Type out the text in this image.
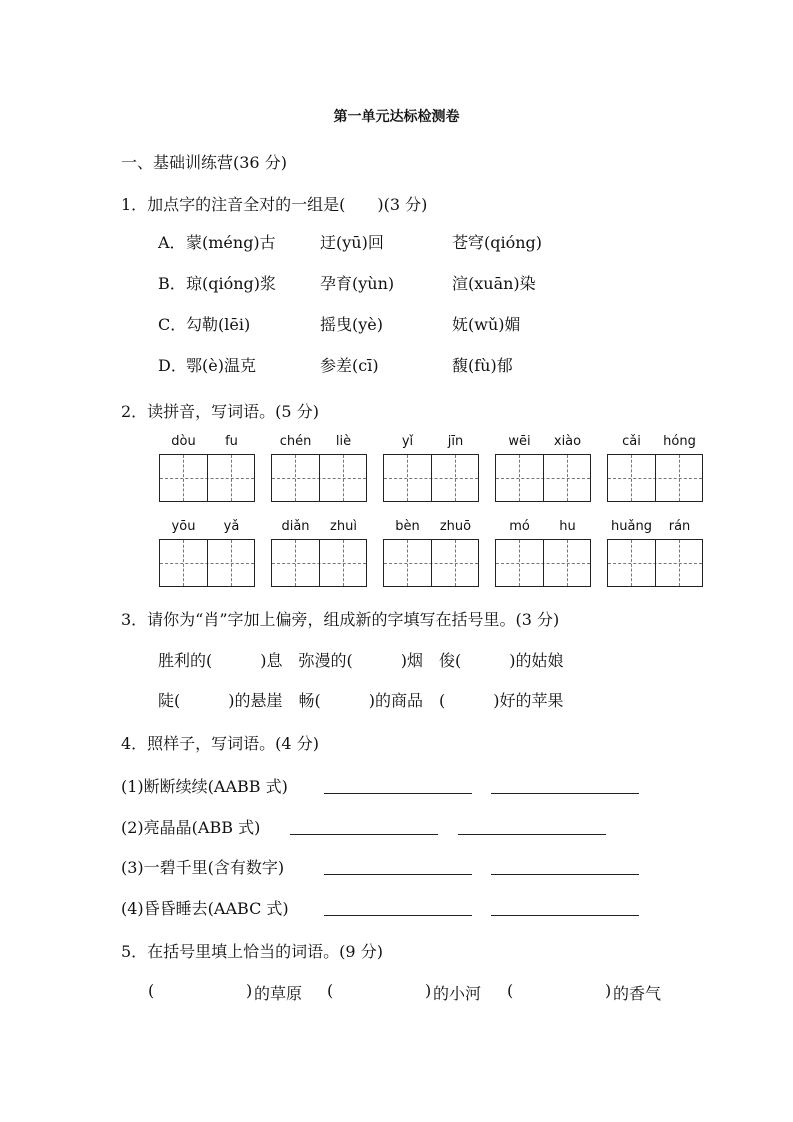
第一单元达标检测卷
一、基础训练营(36 分)
1．加点字的注音全对的一组是(　　)(3 分)
A． 蒙(méng)古	迂(yū)回	苍穹(qióng)
B． 琼(qióng)浆	孕育(yùn)	渲(xuān)染
C． 勾勒(lēi)	摇曳(yè)	妩(wǔ)媚
D． 鄂(è)温克	参差(cī)	馥(fù)郁
2．读拼音，写词语。(5 分)
dòu	fu	chén	liè	yǐ	jīn	wēi	xiào	cǎi	hóng
yōu	yǎ	diǎn	zhuì	bèn	zhuō	mó	hu	huǎng	rán
3．请你为“肖”字加上偏旁，组成新的字填写在括号里。(3 分)
胜利的(　　　)息　弥漫的(　　　)烟　俊(　　　)的姑娘
陡(　　　)的悬崖　畅(　　　)的商品　(　　　)好的苹果
4．照样子，写词语。(4 分)
(1)断断续续(AABB 式)
(2)亮晶晶(ABB 式)
(3)一碧千里(含有数字)
(4)昏昏睡去(AABC 式)
5．在括号里填上恰当的词语。(9 分)
(	) 的草原 (	) 的小河 (	) 的香气
